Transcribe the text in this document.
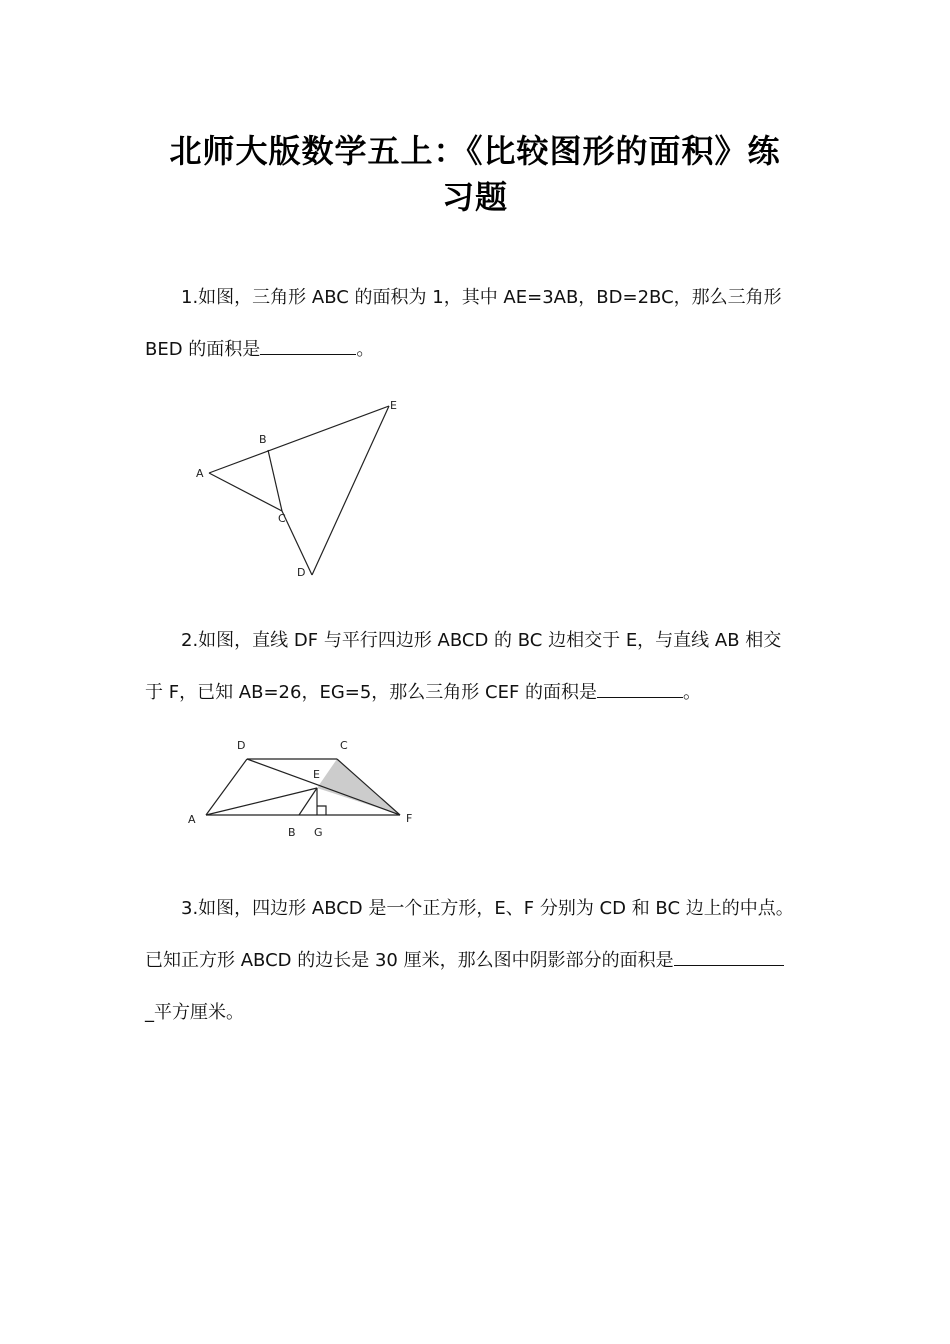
北师大版数学五上：《比较图形的面积》练
习题
1.如图，三角形 ABC 的面积为 1，其中 AE=3AB，BD=2BC，那么三角形
BED 的面积是	。
A
B
C
D
E
2.如图，直线 DF 与平行四边形 ABCD 的 BC 边相交于 E，与直线 AB 相交
于 F，已知 AB=26，EG=5，那么三角形 CEF 的面积是	。
D	C
E
A
B G
F
3.如图，四边形 ABCD 是一个正方形，E、F 分别为 CD 和 BC 边上的中点。
已知正方形 ABCD 的边长是 30 厘米，那么图中阴影部分的面积是
_平方厘米。
